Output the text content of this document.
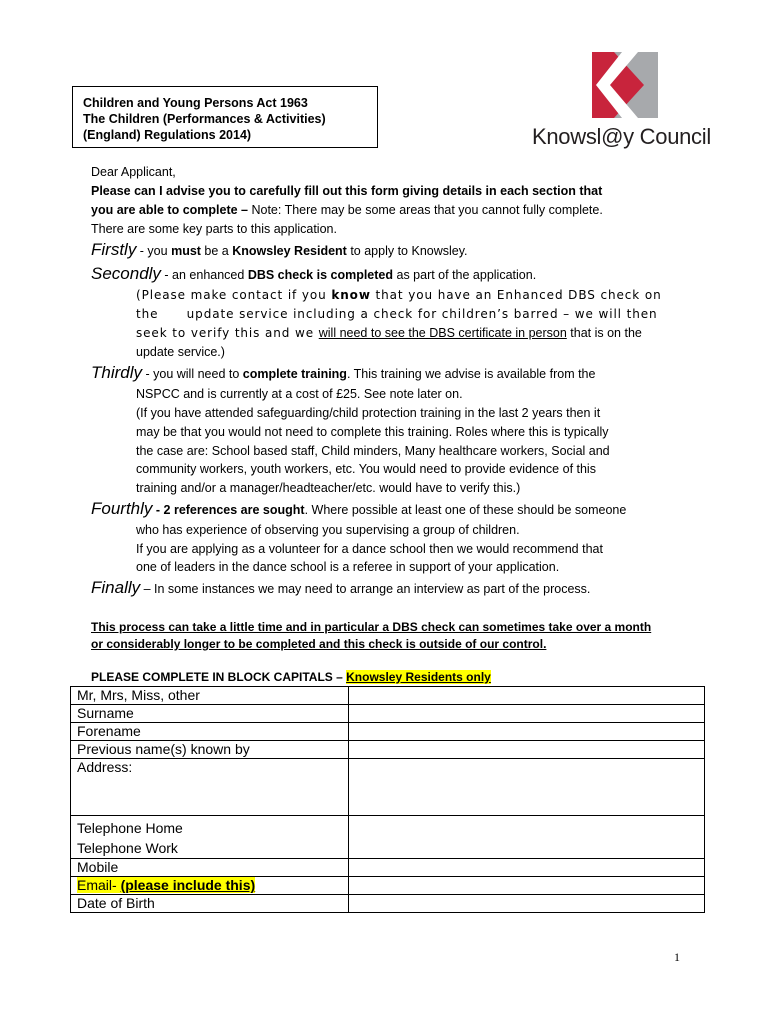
Children and Young Persons Act 1963
The Children (Performances & Activities)
(England) Regulations 2014)	Knowsl@y Council
Dear Applicant,
Please can I advise you to carefully fill out this form giving details in each section that
you are able to complete – Note: There may be some areas that you cannot fully complete.
There are some key parts to this application.
Firstly - you must be a Knowsley Resident to apply to Knowsley.
Secondly - an enhanced DBS check is completed as part of the application.
(Please make contact if you know that you have an Enhanced DBS check on
the      update service including a check for children’s barred – we will then
seek to verify this and we will need to see the DBS certificate in person that is on the
update service.)
Thirdly - you will need to complete training. This training we advise is available from the
NSPCC and is currently at a cost of £25. See note later on.
(If you have attended safeguarding/child protection training in the last 2 years then it
may be that you would not need to complete this training. Roles where this is typically
the case are: School based staff, Child minders, Many healthcare workers, Social and
community workers, youth workers, etc. You would need to provide evidence of this
training and/or a manager/headteacher/etc. would have to verify this.)
Fourthly - 2 references are sought. Where possible at least one of these should be someone
who has experience of observing you supervising a group of children.
If you are applying as a volunteer for a dance school then we would recommend that
one of leaders in the dance school is a referee in support of your application.
Finally – In some instances we may need to arrange an interview as part of the process.
This process can take a little time and in particular a DBS check can sometimes take over a month
or considerably longer to be completed and this check is outside of our control.
PLEASE COMPLETE IN BLOCK CAPITALS – Knowsley Residents only
Mr, Mrs, Miss, other	
Surname	
Forename	
Previous name(s) known by	
Address:	

Telephone Home
Telephone Work	

Mobile	
Email- (please include this)	
Date of Birth	
1
